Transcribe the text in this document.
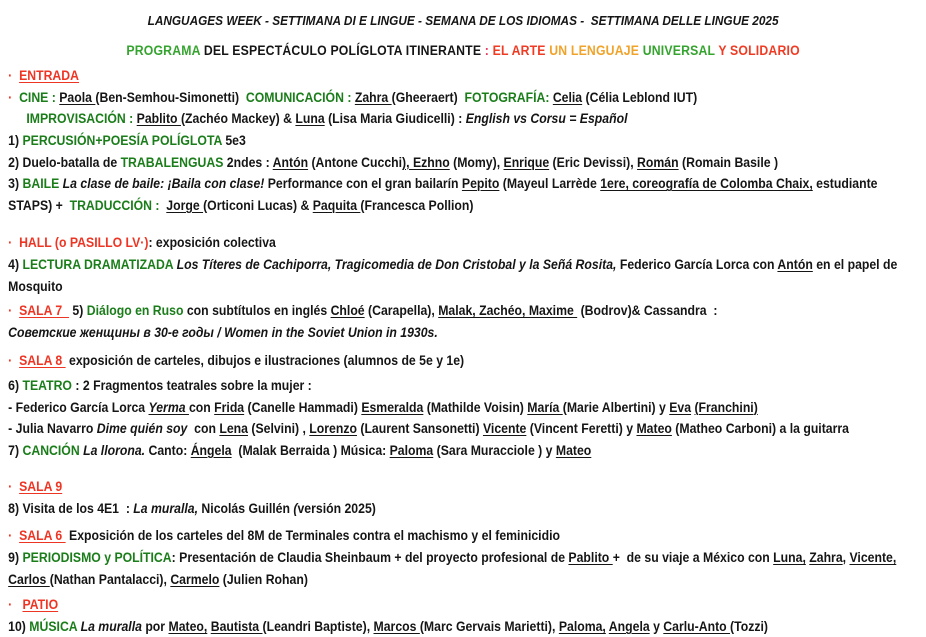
LANGUAGES WEEK - SETTIMANA DI E LINGUE - SEMANA DE LOS IDIOMAS -  SETTIMANA DELLE LINGUE 2025
PROGRAMA DEL ESPECTÁCULO POLÍGLOTA ITINERANTE : EL ARTE UN LENGUAJE UNIVERSAL Y SOLIDARIO
·  ENTRADA
·  CINE : Paola (Ben-Semhou-Simonetti)  COMUNICACIÓN : Zahra (Gheeraert)  FOTOGRAFÍA: Celia (Célia Leblond IUT)
IMPROVISACIÓN : Pablito (Zachéo Mackey) & Luna (Lisa Maria Giudicelli) : English vs Corsu = Español
1) PERCUSIÓN+POESÍA POLÍGLOTA 5e3
2) Duelo-batalla de TRABALENGUAS 2ndes : Antón (Antone Cucchi), Ezhno (Momy), Enrique (Eric Devissi), Román (Romain Basile )
3) BAILE La clase de baile: ¡Baila con clase! Performance con el gran bailarín Pepito (Mayeul Larrède 1ere, coreografía de Colomba Chaix, estudiante
STAPS) +  TRADUCCIÓN :  Jorge (Orticoni Lucas) & Paquita (Francesca Pollion)
·  HALL (o PASILLO LV·): exposición colectiva
4) LECTURA DRAMATIZADA Los Títeres de Cachiporra, Tragicomedia de Don Cristobal y la Señá Rosita, Federico García Lorca con Antón en el papel de
Mosquito
·  SALA 7   5) Diálogo en Ruso con subtítulos en inglés Chloé (Carapella), Malak, Zachéo, Maxime  (Bodrov)& Cassandra  :
Советские женщины в 30-е годы / Women in the Soviet Union in 1930s.
·  SALA 8  exposición de carteles, dibujos e ilustraciones (alumnos de 5e y 1e)
6) TEATRO : 2 Fragmentos teatrales sobre la mujer :
- Federico García Lorca Yerma con Frida (Canelle Hammadi) Esmeralda (Mathilde Voisin) María (Marie Albertini) y Eva (Franchini)
- Julia Navarro Dime quién soy  con Lena (Selvini) , Lorenzo (Laurent Sansonetti) Vicente (Vincent Feretti) y Mateo (Matheo Carboni) a la guitarra
7) CANCIÓN La llorona. Canto: Ángela  (Malak Berraida ) Música: Paloma (Sara Muracciole ) y Mateo
·  SALA 9
8) Visita de los 4E1  : La muralla, Nicolás Guillén (versión 2025)
·  SALA 6  Exposición de los carteles del 8M de Terminales contra el machismo y el feminicidio
9) PERIODISMO y POLÍTICA: Presentación de Claudia Sheinbaum + del proyecto profesional de Pablito +  de su viaje a México con Luna, Zahra, Vicente,
Carlos (Nathan Pantalacci), Carmelo (Julien Rohan)
·   PATIO
10) MÚSICA La muralla por Mateo, Bautista (Leandri Baptiste), Marcos (Marc Gervais Marietti), Paloma, Angela y Carlu-Anto (Tozzi)
